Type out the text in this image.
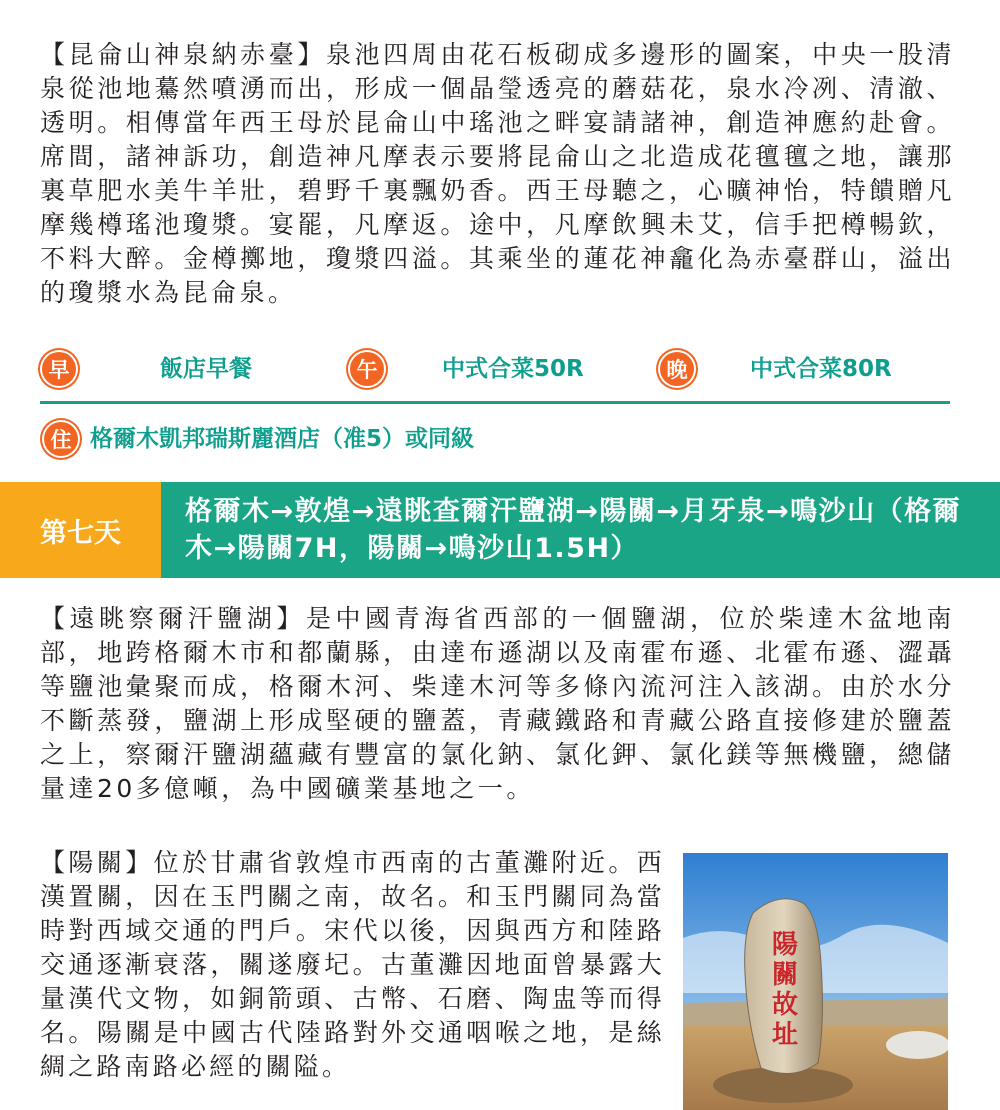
【昆侖山神泉納赤臺】泉池四周由花石板砌成多邊形的圖案，中央一股清泉從池地驀然噴湧而出，形成一個晶瑩透亮的蘑菇花，泉水冷冽、清澈、透明。相傳當年西王母於昆侖山中瑤池之畔宴請諸神，創造神應約赴會。席間，諸神訴功，創造神凡摩表示要將昆侖山之北造成花氊氊之地，讓那裏草肥水美牛羊壯，碧野千裏飄奶香。西王母聽之，心曠神怡，特饋贈凡摩幾樽瑤池瓊漿。宴罷，凡摩返。途中，凡摩飲興未艾，信手把樽暢欽，不料大醉。金樽擲地，瓊漿四溢。其乘坐的蓮花神龕化為赤臺群山，溢出的瓊漿水為昆侖泉。

早	飯店早餐	午	中式合菜50R	晚	中式合菜80R
住 格爾木凱邦瑞斯麗酒店（准5）或同級
第七天
格爾木→敦煌→遠眺查爾汗鹽湖→陽關→月牙泉→鳴沙山（格爾木→陽關7H，陽關→鳴沙山1.5H）

【遠眺察爾汗鹽湖】是中國青海省西部的一個鹽湖，位於柴達木盆地南部，地跨格爾木市和都蘭縣，由達布遜湖以及南霍布遜、北霍布遜、澀聶等鹽池彙聚而成，格爾木河、柴達木河等多條內流河注入該湖。由於水分不斷蒸發，鹽湖上形成堅硬的鹽蓋，青藏鐵路和青藏公路直接修建於鹽蓋之上，察爾汗鹽湖蘊藏有豐富的氯化鈉、氯化鉀、氯化鎂等無機鹽，總儲量達20多億噸，為中國礦業基地之一。

【陽關】位於甘肅省敦煌市西南的古董灘附近。西漢置關，因在玉門關之南，故名。和玉門關同為當時對西域交通的門戶。宋代以後，因與西方和陸路交通逐漸衰落，關遂廢圮。古董灘因地面曾暴露大量漢代文物，如銅箭頭、古幣、石磨、陶盅等而得名。陽關是中國古代陸路對外交通咽喉之地，是絲綢之路南路必經的關隘。

陽
關
故
址
